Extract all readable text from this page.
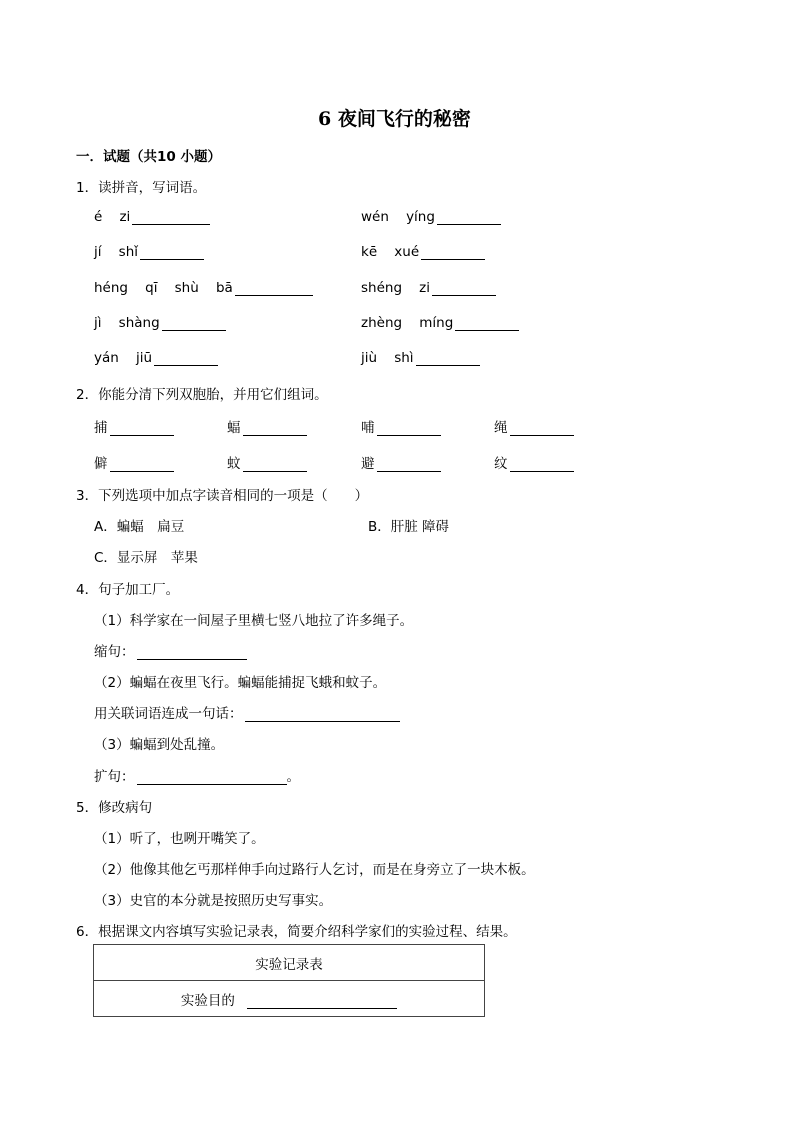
6 夜间飞行的秘密
一．试题（共10 小题）
1．读拼音，写词语。
é    zi	wén    yíng
jí    shǐ	kē    xué
héng    qī    shù    bā	shéng    zi
jì    shàng	zhèng    míng
yán    jiū	jiù    shì
2．你能分清下列双胞胎，并用它们组词。
捕	蝠	哺	绳
僻	蚊	避	纹
3．下列选项中加点字读音相同的一项是（　　）
A．蝙蝠　扁豆	B．肝脏 障碍
C．显示屏　苹果
4．句子加工厂。
（1）科学家在一间屋子里横七竖八地拉了许多绳子。
缩句：
（2）蝙蝠在夜里飞行。蝙蝠能捕捉飞蛾和蚊子。
用关联词语连成一句话：
（3）蝙蝠到处乱撞。
扩句：	。
5．修改病句
（1）听了，也咧开嘴笑了。
（2）他像其他乞丐那样伸手向过路行人乞讨，而是在身旁立了一块木板。
（3）史官的本分就是按照历史写事实。
6．根据课文内容填写实验记录表，简要介绍科学家们的实验过程、结果。
实验记录表
实验目的
